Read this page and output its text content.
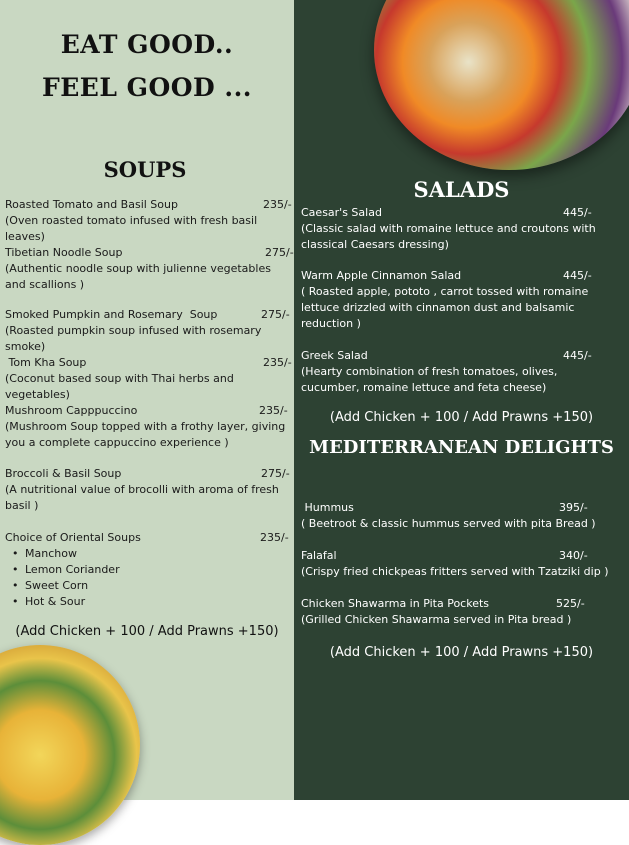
EAT GOOD..
FEEL GOOD ...
SOUPS
Roasted Tomato and Basil Soup	235/-
(Oven roasted tomato infused with fresh basil leaves)
Tibetian Noodle Soup	275/-
(Authentic noodle soup with julienne vegetables and scallions )
Smoked Pumpkin and Rosemary  Soup	275/-
(Roasted pumpkin soup infused with rosemary smoke)
Tom Kha Soup	235/-
(Coconut based soup with Thai herbs and vegetables)
Mushroom Capppuccino	235/-
(Mushroom Soup topped with a frothy layer, giving you a complete cappuccino experience )
Broccoli & Basil Soup	275/-
(A nutritional value of brocolli with aroma of fresh basil )
Choice of Oriental Soups	235/-
• Manchow
• Lemon Coriander
• Sweet Corn
• Hot & Sour
(Add Chicken + 100 / Add Prawns +150)
SALADS
MEDITERRANEAN DELIGHTS
Caesar's Salad	445/-
(Classic salad with romaine lettuce and croutons with classical Caesars dressing)
Warm Apple Cinnamon Salad	445/-
( Roasted apple, pototo , carrot tossed with romaine lettuce drizzled with cinnamon dust and balsamic reduction )
Greek Salad	445/-
(Hearty combination of fresh tomatoes, olives, cucumber, romaine lettuce and feta cheese)
(Add Chicken + 100 / Add Prawns +150)
Hummus	395/-
( Beetroot & classic hummus served with pita Bread )
Falafal	340/-
(Crispy fried chickpeas fritters served with Tzatziki dip )
Chicken Shawarma in Pita Pockets	525/-
(Grilled Chicken Shawarma served in Pita bread )
(Add Chicken + 100 / Add Prawns +150)
